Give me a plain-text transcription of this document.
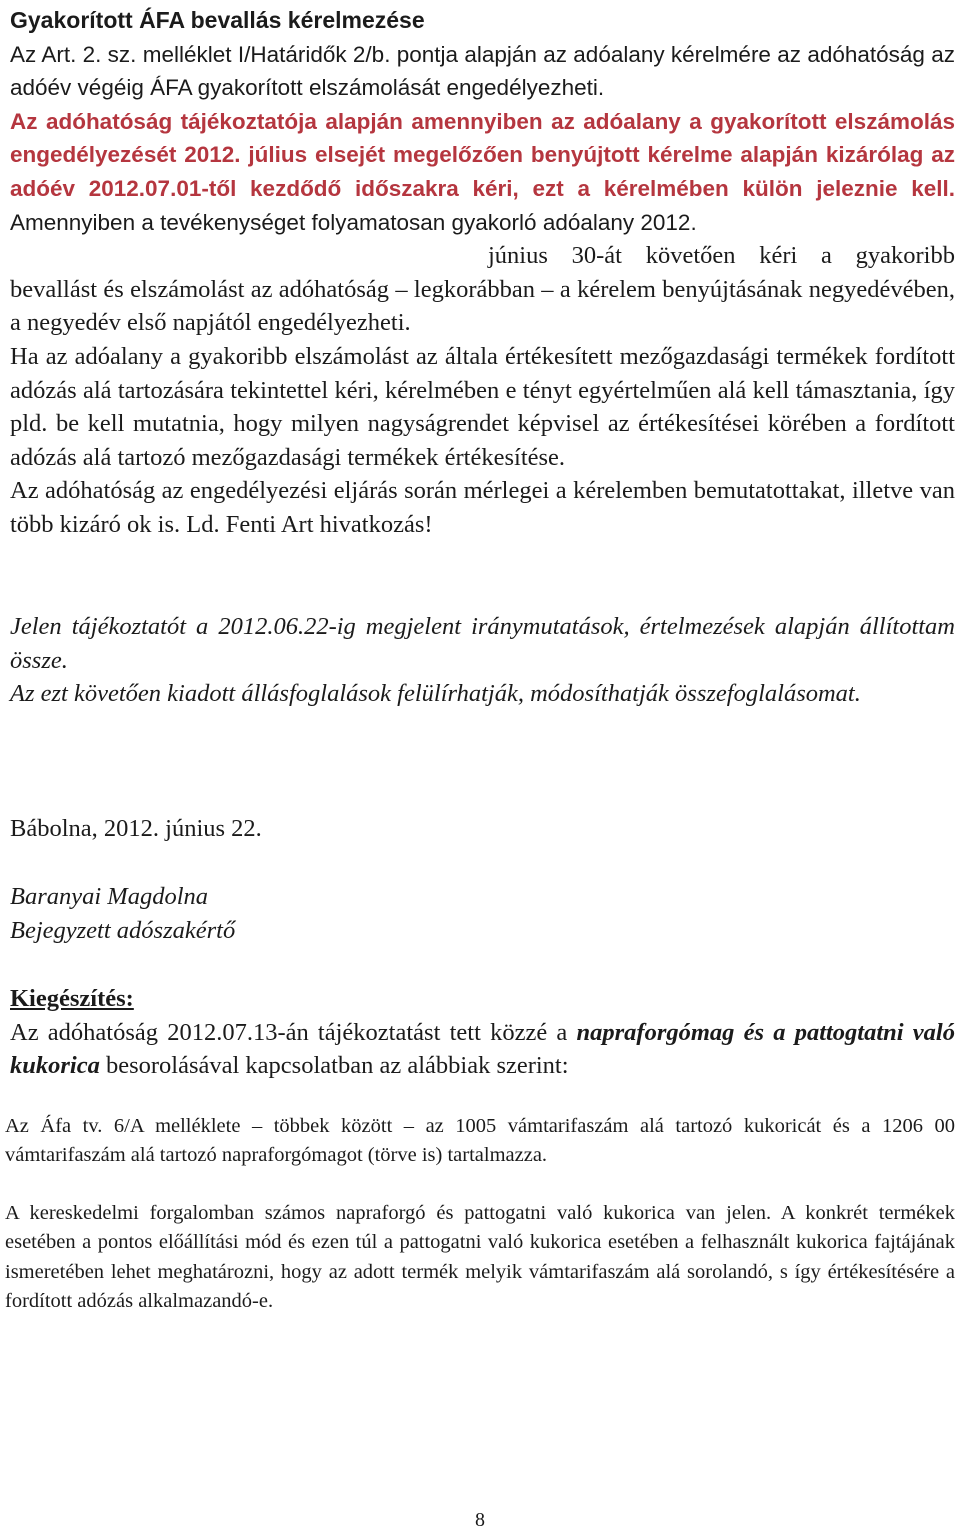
Gyakorított ÁFA bevallás kérelmezése
Az Art. 2. sz. melléklet I/Határidők 2/b. pontja alapján az adóalany kérelmére az adóhatóság az adóév végéig ÁFA gyakorított elszámolását engedélyezheti.
Az adóhatóság tájékoztatója alapján amennyiben az adóalany a gyakorított elszámolás engedélyezését 2012. július elsejét megelőzően benyújtott kérelme alapján kizárólag az adóév 2012.07.01-től kezdődő időszakra kéri, ezt a kérelmében külön jeleznie kell. Amennyiben a tevékenységet folyamatosan gyakorló adóalany 2012.
június 30-át követően kéri a gyakoribb bevallást és elszámolást az adóhatóság – legkorábban – a kérelem benyújtásának negyedévében, a negyedév első napjától engedélyezheti.
Ha az adóalany a gyakoribb elszámolást az általa értékesített mezőgazdasági termékek fordított adózás alá tartozására tekintettel kéri, kérelmében e tényt egyértelműen alá kell támasztania, így pld. be kell mutatnia, hogy milyen nagyságrendet képvisel az értékesítései körében a fordított adózás alá tartozó mezőgazdasági termékek értékesítése.
Az adóhatóság az engedélyezési eljárás során mérlegei a kérelemben bemutatottakat, illetve van több kizáró ok is. Ld. Fenti Art hivatkozás!
Jelen tájékoztatót a 2012.06.22-ig megjelent iránymutatások, értelmezések alapján állítottam össze.
Az ezt követően kiadott állásfoglalások felülírhatják, módosíthatják összefoglalásomat.
Bábolna, 2012. június 22.
Baranyai Magdolna
Bejegyzett adószakértő
Kiegészítés:
Az adóhatóság 2012.07.13-án tájékoztatást tett közzé a napraforgómag és a pattogtatni való kukorica besorolásával kapcsolatban az alábbiak szerint:
Az Áfa tv. 6/A melléklete – többek között – az 1005 vámtarifaszám alá tartozó kukoricát és a 1206 00 vámtarifaszám alá tartozó napraforgómagot (törve is) tartalmazza.
A kereskedelmi forgalomban számos napraforgó és pattogatni való kukorica van jelen. A konkrét termékek esetében a pontos előállítási mód és ezen túl a pattogatni való kukorica esetében a felhasznált kukorica fajtájának ismeretében lehet meghatározni, hogy az adott termék melyik vámtarifaszám alá sorolandó, s így értékesítésére a fordított adózás alkalmazandó-e.
8
